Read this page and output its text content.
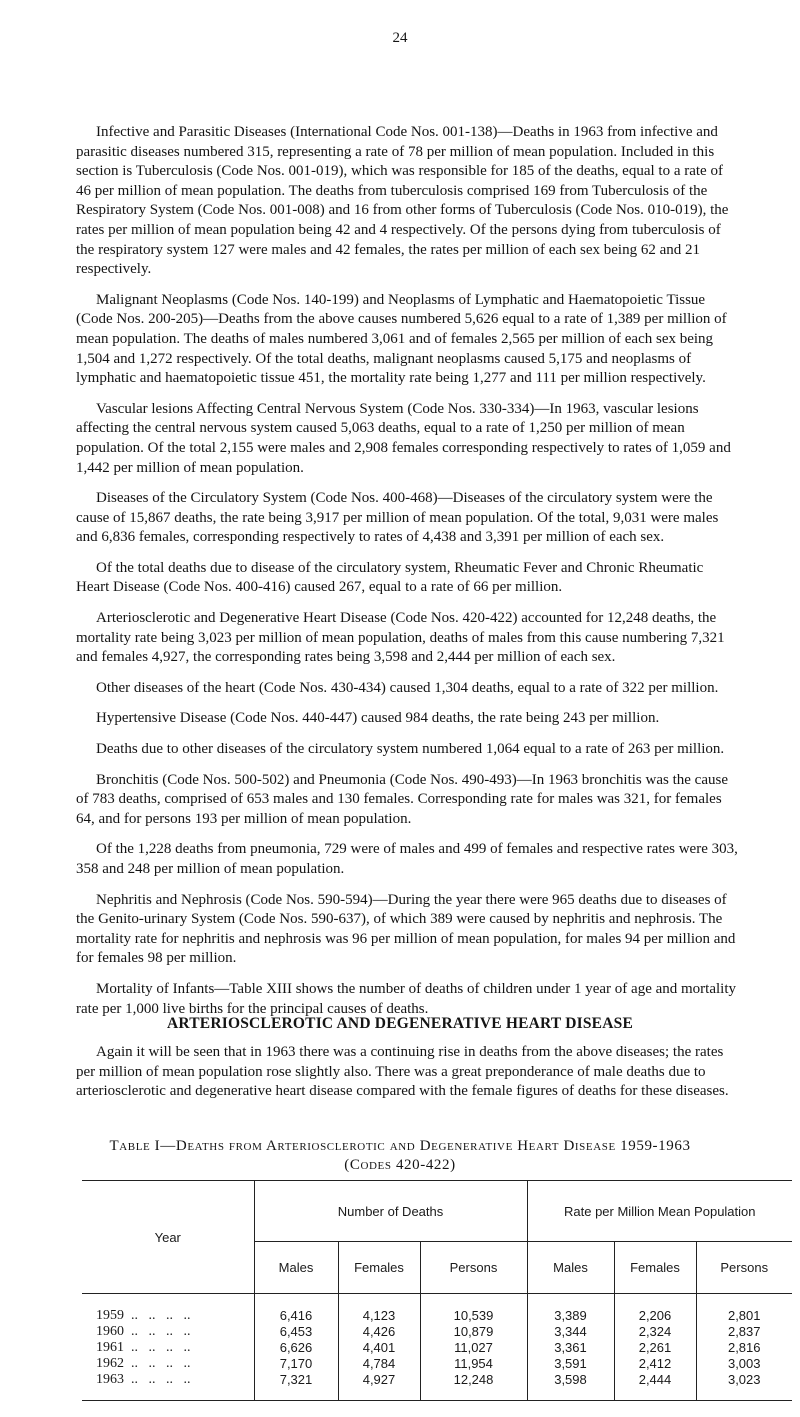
24

Infective and Parasitic Diseases (International Code Nos. 001-138)—Deaths in 1963 from infective and parasitic diseases numbered 315, representing a rate of 78 per million of mean population. Included in this section is Tuberculosis (Code Nos. 001-019), which was responsible for 185 of the deaths, equal to a rate of 46 per million of mean population. The deaths from tuberculosis comprised 169 from Tuberculosis of the Respiratory System (Code Nos. 001-008) and 16 from other forms of Tuberculosis (Code Nos. 010-019), the rates per million of mean population being 42 and 4 respectively. Of the persons dying from tuberculosis of the respiratory system 127 were males and 42 females, the rates per million of each sex being 62 and 21 respectively.

Malignant Neoplasms (Code Nos. 140-199) and Neoplasms of Lymphatic and Haematopoietic Tissue (Code Nos. 200-205)—Deaths from the above causes numbered 5,626 equal to a rate of 1,389 per million of mean population. The deaths of males numbered 3,061 and of females 2,565 per million of each sex being 1,504 and 1,272 respectively. Of the total deaths, malignant neoplasms caused 5,175 and neoplasms of lymphatic and haematopoietic tissue 451, the mortality rate being 1,277 and 111 per million respectively.

Vascular lesions Affecting Central Nervous System (Code Nos. 330-334)—In 1963, vascular lesions affecting the central nervous system caused 5,063 deaths, equal to a rate of 1,250 per million of mean population. Of the total 2,155 were males and 2,908 females corresponding respectively to rates of 1,059 and 1,442 per million of mean population.

Diseases of the Circulatory System (Code Nos. 400-468)—Diseases of the circulatory system were the cause of 15,867 deaths, the rate being 3,917 per million of mean population. Of the total, 9,031 were males and 6,836 females, corresponding respectively to rates of 4,438 and 3,391 per million of each sex.

Of the total deaths due to disease of the circulatory system, Rheumatic Fever and Chronic Rheumatic Heart Disease (Code Nos. 400-416) caused 267, equal to a rate of 66 per million.

Arteriosclerotic and Degenerative Heart Disease (Code Nos. 420-422) accounted for 12,248 deaths, the mortality rate being 3,023 per million of mean population, deaths of males from this cause numbering 7,321 and females 4,927, the corresponding rates being 3,598 and 2,444 per million of each sex.

Other diseases of the heart (Code Nos. 430-434) caused 1,304 deaths, equal to a rate of 322 per million.

Hypertensive Disease (Code Nos. 440-447) caused 984 deaths, the rate being 243 per million.

Deaths due to other diseases of the circulatory system numbered 1,064 equal to a rate of 263 per million.

Bronchitis (Code Nos. 500-502) and Pneumonia (Code Nos. 490-493)—In 1963 bronchitis was the cause of 783 deaths, comprised of 653 males and 130 females. Corresponding rate for males was 321, for females 64, and for persons 193 per million of mean population.

Of the 1,228 deaths from pneumonia, 729 were of males and 499 of females and respective rates were 303, 358 and 248 per million of mean population.

Nephritis and Nephrosis (Code Nos. 590-594)—During the year there were 965 deaths due to diseases of the Genito-urinary System (Code Nos. 590-637), of which 389 were caused by nephritis and nephrosis. The mortality rate for nephritis and nephrosis was 96 per million of mean population, for males 94 per million and for females 98 per million.

Mortality of Infants—Table XIII shows the number of deaths of children under 1 year of age and mortality rate per 1,000 live births for the principal causes of deaths.

ARTERIOSCLEROTIC AND DEGENERATIVE HEART DISEASE

Again it will be seen that in 1963 there was a continuing rise in deaths from the above diseases; the rates per million of mean population rose slightly also. There was a great preponderance of male deaths due to arteriosclerotic and degenerative heart disease compared with the female figures of deaths for these diseases.

Table I—Deaths from Arteriosclerotic and Degenerative Heart Disease 1959-1963
(Codes 420-422)
Year	Number of Deaths			Rate per Million Mean Population		
	Males	Females	Persons	Males	Females	Persons
1959  ..   ..   ..   ..	6,416	4,123	10,539	3,389	2,206	2,801
1960  ..   ..   ..   ..	6,453	4,426	10,879	3,344	2,324	2,837
1961  ..   ..   ..   ..	6,626	4,401	11,027	3,361	2,261	2,816
1962  ..   ..   ..   ..	7,170	4,784	11,954	3,591	2,412	3,003
1963  ..   ..   ..   ..	7,321	4,927	12,248	3,598	2,444	3,023
